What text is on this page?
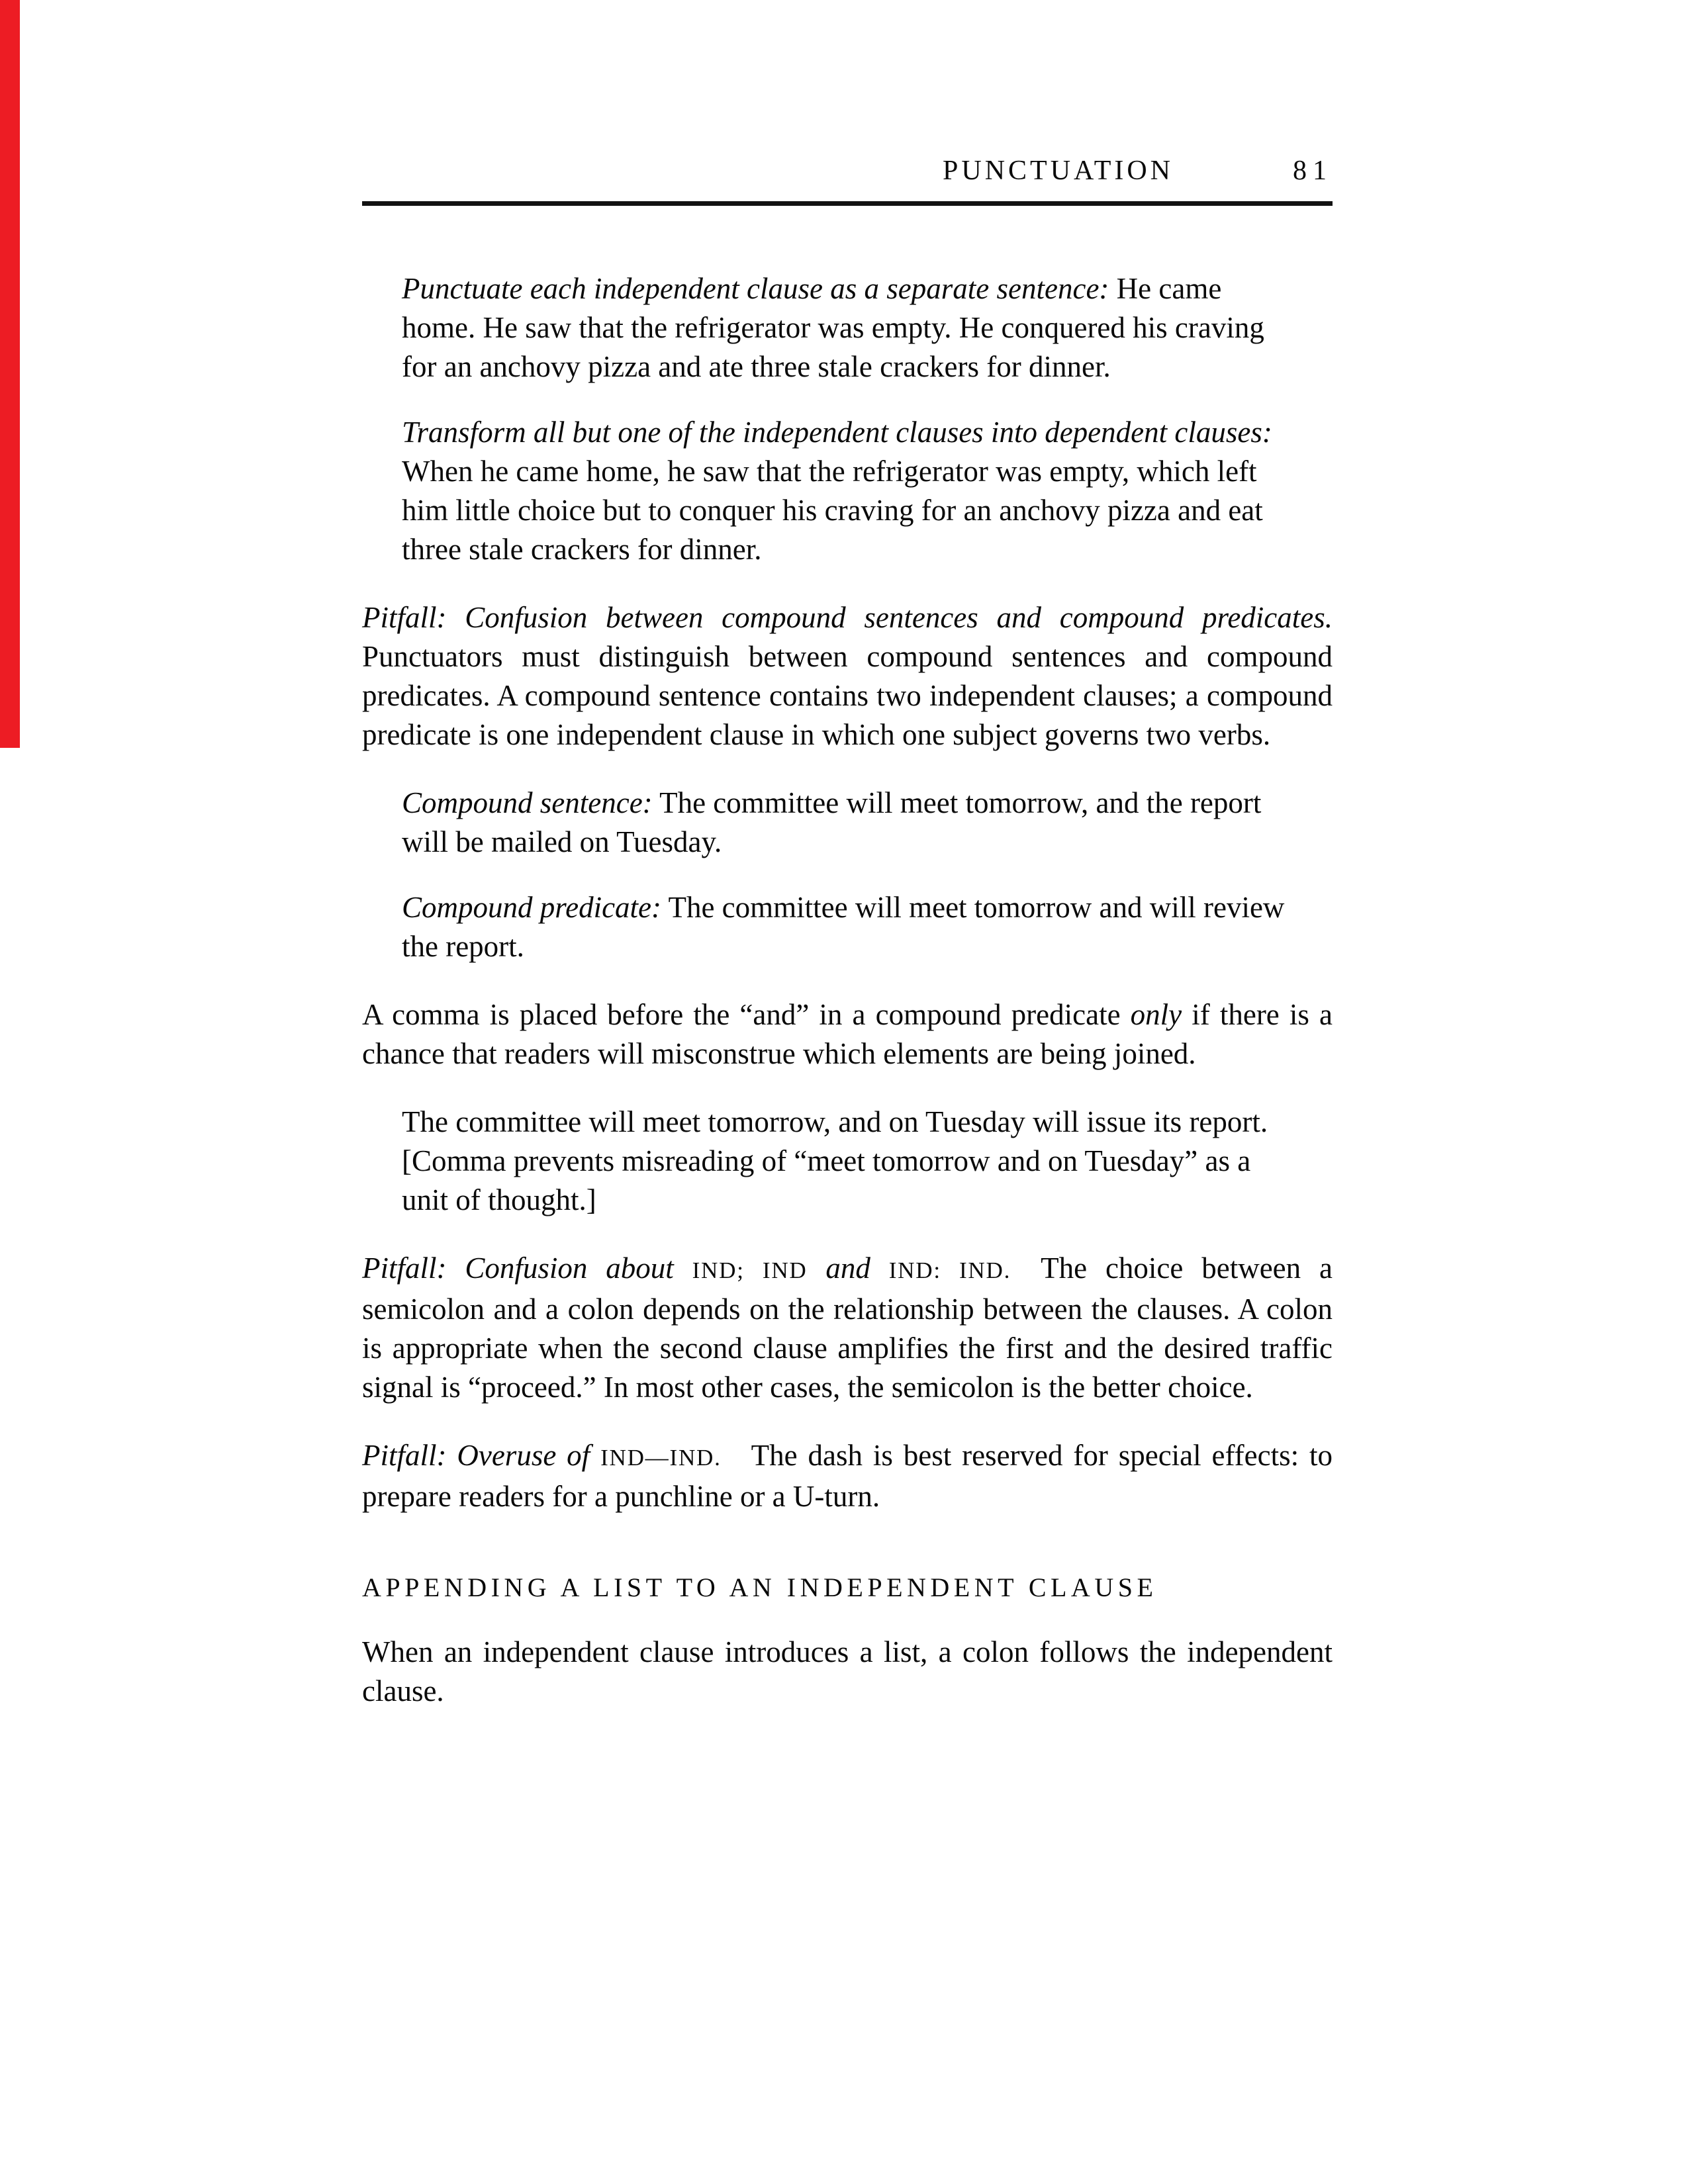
PUNCTUATION	81

Punctuate each independent clause as a separate sentence: He came home. He saw that the refrigerator was empty. He conquered his craving for an anchovy pizza and ate three stale crackers for dinner.

Transform all but one of the independent clauses into dependent clauses: When he came home, he saw that the refrigerator was empty, which left him little choice but to conquer his craving for an anchovy pizza and eat three stale crackers for dinner.

Pitfall: Confusion between compound sentences and compound predicates. Punctuators must distinguish between compound sentences and compound predicates. A compound sentence contains two independent clauses; a compound predicate is one independent clause in which one subject governs two verbs.

Compound sentence: The committee will meet tomorrow, and the report will be mailed on Tuesday.

Compound predicate: The committee will meet tomorrow and will review the report.

A comma is placed before the “and” in a compound predicate only if there is a chance that readers will misconstrue which elements are being joined.

The committee will meet tomorrow, and on Tuesday will issue its report.
[Comma prevents misreading of “meet tomorrow and on Tuesday” as a unit of thought.]

Pitfall: Confusion about IND; IND and IND: IND. The choice between a semicolon and a colon depends on the relationship between the clauses. A colon is appropriate when the second clause amplifies the first and the desired traffic signal is “proceed.” In most other cases, the semicolon is the better choice.

Pitfall: Overuse of IND—IND. The dash is best reserved for special effects: to prepare readers for a punchline or a U-turn.

APPENDING A LIST TO AN INDEPENDENT CLAUSE

When an independent clause introduces a list, a colon follows the independent clause.
